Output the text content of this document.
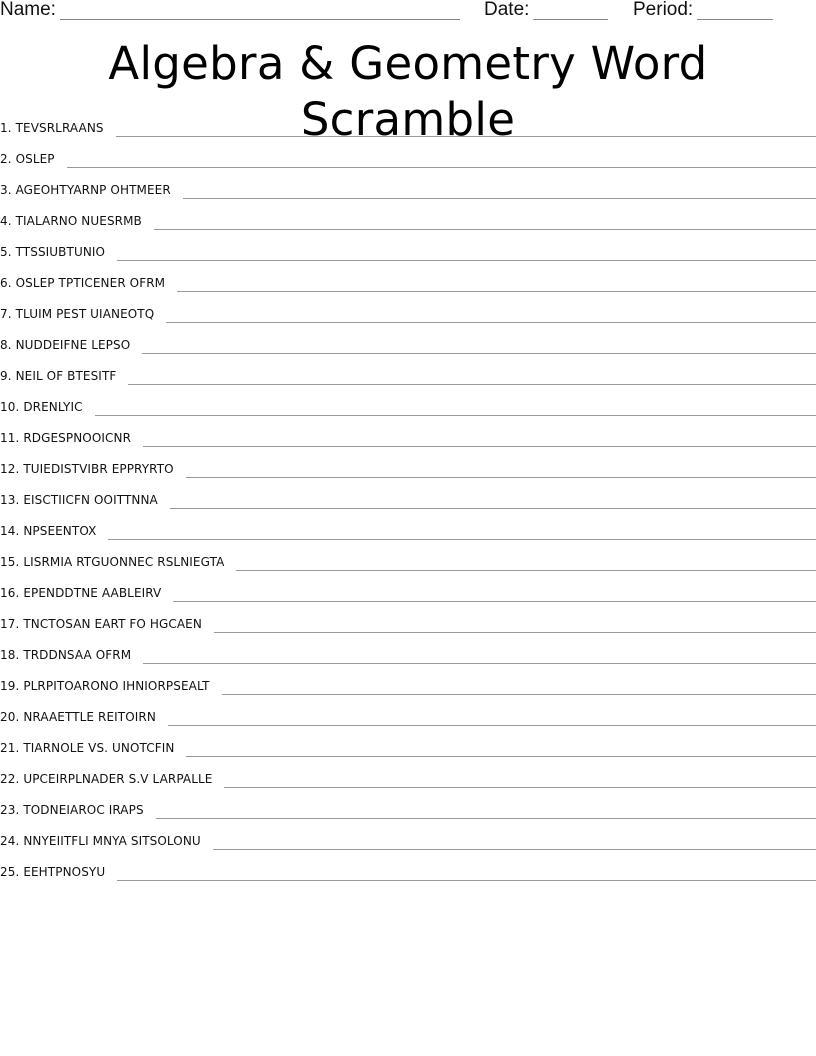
Name:	Date:	Period:
Algebra & Geometry Word Scramble
1. TEVSRLRAANS
2. OSLEP
3. AGEOHTYARNP OHTMEER
4. TIALARNO NUESRMB
5. TTSSIUBTUNIO
6. OSLEP TPTICENER OFRM
7. TLUIM PEST UIANEOTQ
8. NUDDEIFNE LEPSO
9. NEIL OF BTESITF
10. DRENLYIC
11. RDGESPNOOICNR
12. TUIEDISTVIBR EPPRYRTO
13. EISCTIICFN OOITTNNA
14. NPSEENTOX
15. LISRMIA RTGUONNEC RSLNIEGTA
16. EPENDDTNE AABLEIRV
17. TNCTOSAN EART FO HGCAEN
18. TRDDNSAA OFRM
19. PLRPITOARONO IHNIORPSEALT
20. NRAAETTLE REITOIRN
21. TIARNOLE VS. UNOTCFIN
22. UPCEIRPLNADER S.V LARPALLE
23. TODNEIAROC IRAPS
24. NNYEIITFLI MNYA SITSOLONU
25. EEHTPNOSYU
